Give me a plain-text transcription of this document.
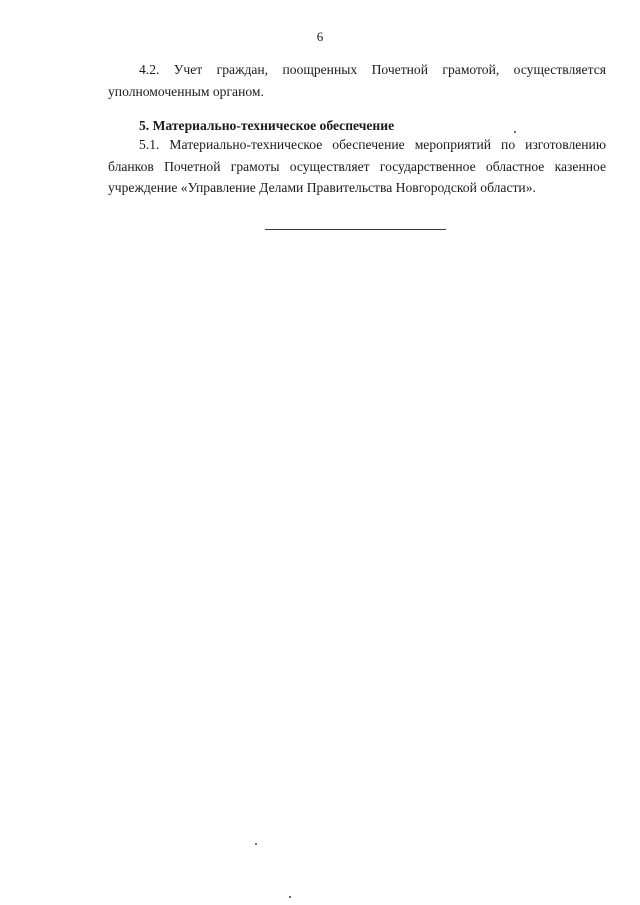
6

4.2. Учет граждан, поощренных Почетной грамотой, осуществляется уполномоченным органом.

5. Материально-техническое обеспечение

5.1. Материально-техническое обеспечение мероприятий по изготовлению бланков Почетной грамоты осуществляет государственное областное казенное учреждение «Управление Делами Правительства Новгородской области».
